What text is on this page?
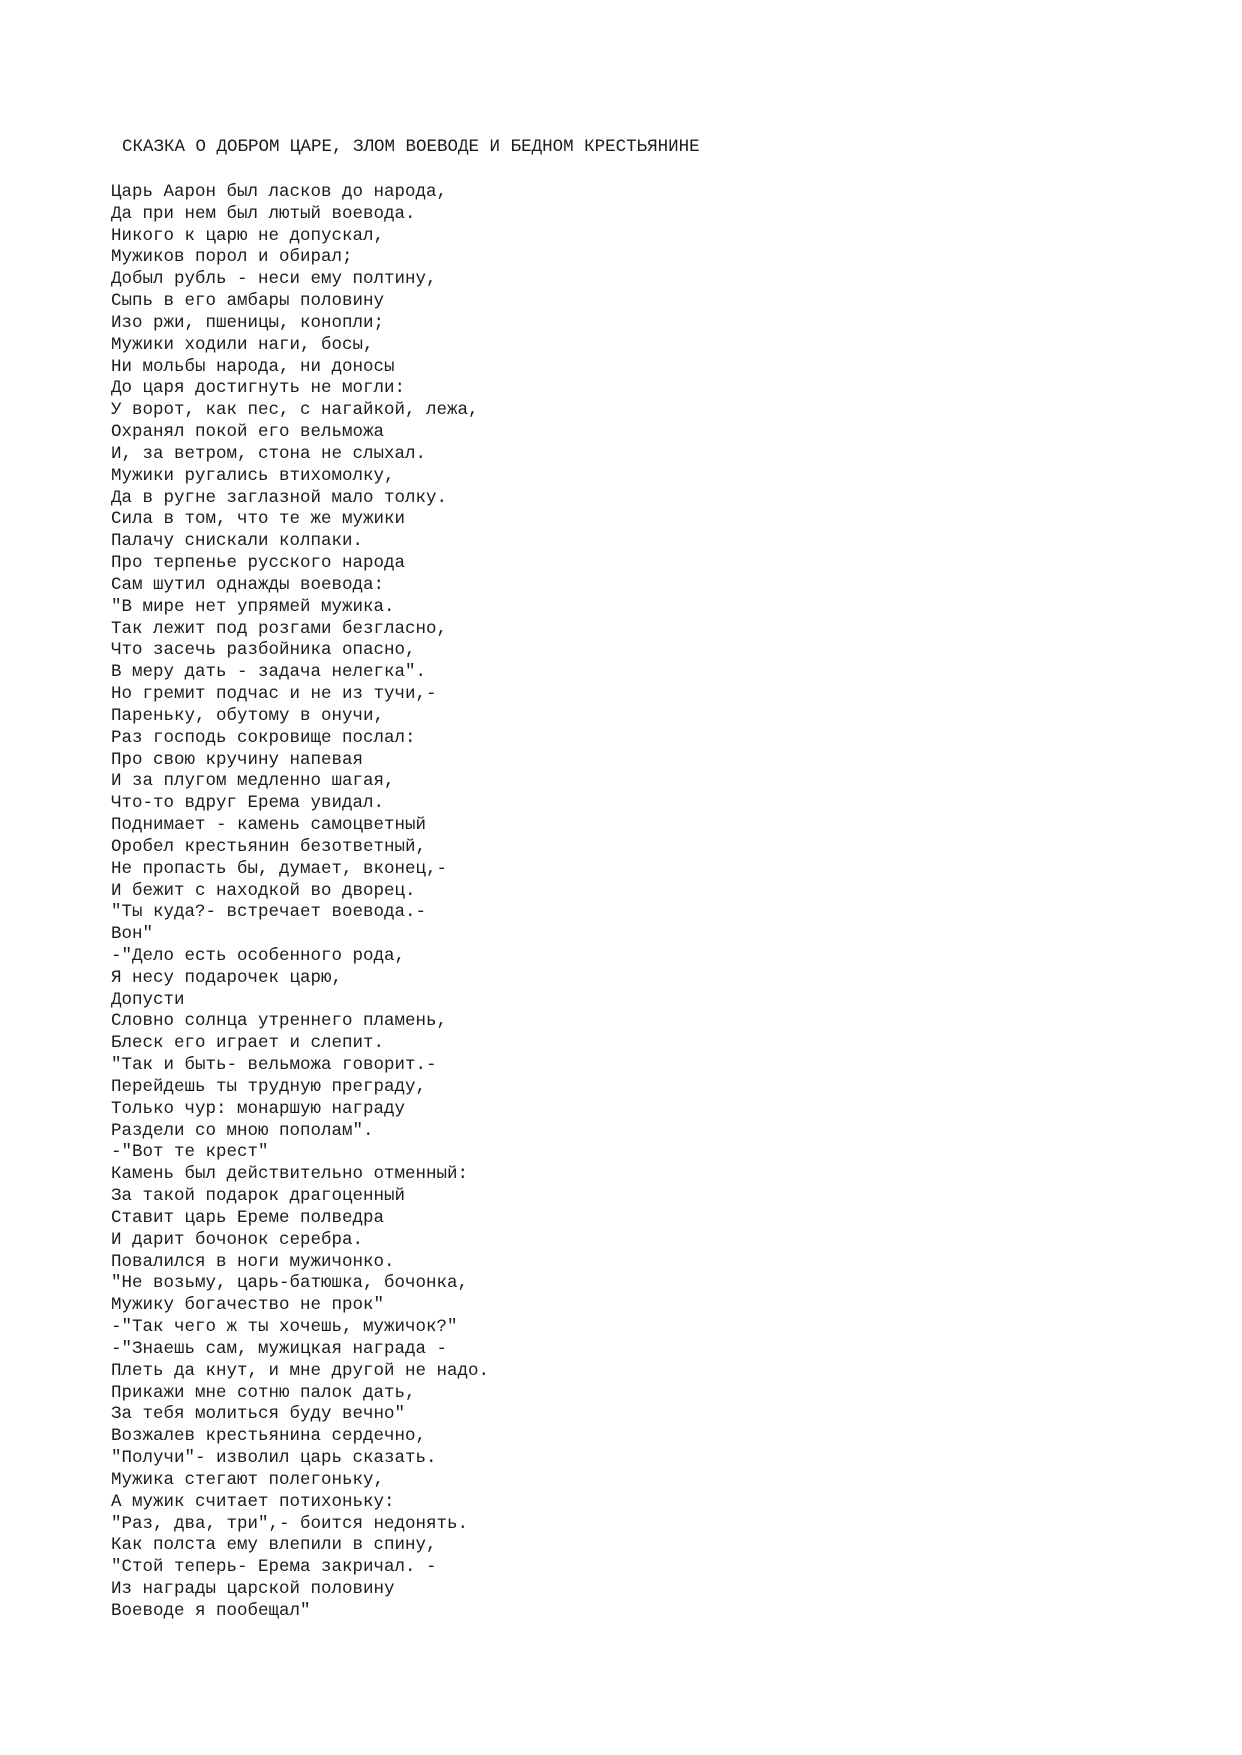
СКАЗКА О ДОБРОМ ЦАРЕ, ЗЛОМ ВОЕВОДЕ И БЕДНОМ КРЕСТЬЯНИНЕ
Царь Аарон был ласков до народа,
Да при нем был лютый воевода.
Никого к царю не допускал,
Мужиков порол и обирал;
Добыл рубль - неси ему полтину,
Сыпь в его амбары половину
Изо ржи, пшеницы, конопли;
Мужики ходили наги, босы,
Ни мольбы народа, ни доносы
До царя достигнуть не могли:
У ворот, как пес, с нагайкой, лежа,
Охранял покой его вельможа
И, за ветром, стона не слыхал.
Мужики ругались втихомолку,
Да в ругне заглазной мало толку.
Сила в том, что те же мужики
Палачу снискали колпаки.
Про терпенье русского народа
Сам шутил однажды воевода:
"В мире нет упрямей мужика.
Так лежит под розгами безгласно,
Что засечь разбойника опасно,
В меру дать - задача нелегка".
Но гремит подчас и не из тучи,-
Пареньку, обутому в онучи,
Раз господь сокровище послал:
Про свою кручину напевая
И за плугом медленно шагая,
Что-то вдруг Ерема увидал.
Поднимает - камень самоцветный
Оробел крестьянин безответный,
Не пропасть бы, думает, вконец,-
И бежит с находкой во дворец.
"Ты куда?- встречает воевода.-
Вон"
-"Дело есть особенного рода,
Я несу подарочек царю,
Допусти
Словно солнца утреннего пламень,
Блеск его играет и слепит.
"Так и быть- вельможа говорит.-
Перейдешь ты трудную преграду,
Только чур: монаршую награду
Раздели со мною пополам".
-"Вот те крест"
Камень был действительно отменный:
За такой подарок драгоценный
Ставит царь Ереме полведра
И дарит бочонок серебра.
Повалился в ноги мужичонко.
"Не возьму, царь-батюшка, бочонка,
Мужику богачество не прок"
-"Так чего ж ты хочешь, мужичок?"
-"Знаешь сам, мужицкая награда -
Плеть да кнут, и мне другой не надо.
Прикажи мне сотню палок дать,
За тебя молиться буду вечно"
Возжалев крестьянина сердечно,
"Получи"- изволил царь сказать.
Мужика стегают полегоньку,
А мужик считает потихоньку:
"Раз, два, три",- боится недонять.
Как полста ему влепили в спину,
"Стой теперь- Ерема закричал. -
Из награды царской половину
Воеводе я пообещал"
